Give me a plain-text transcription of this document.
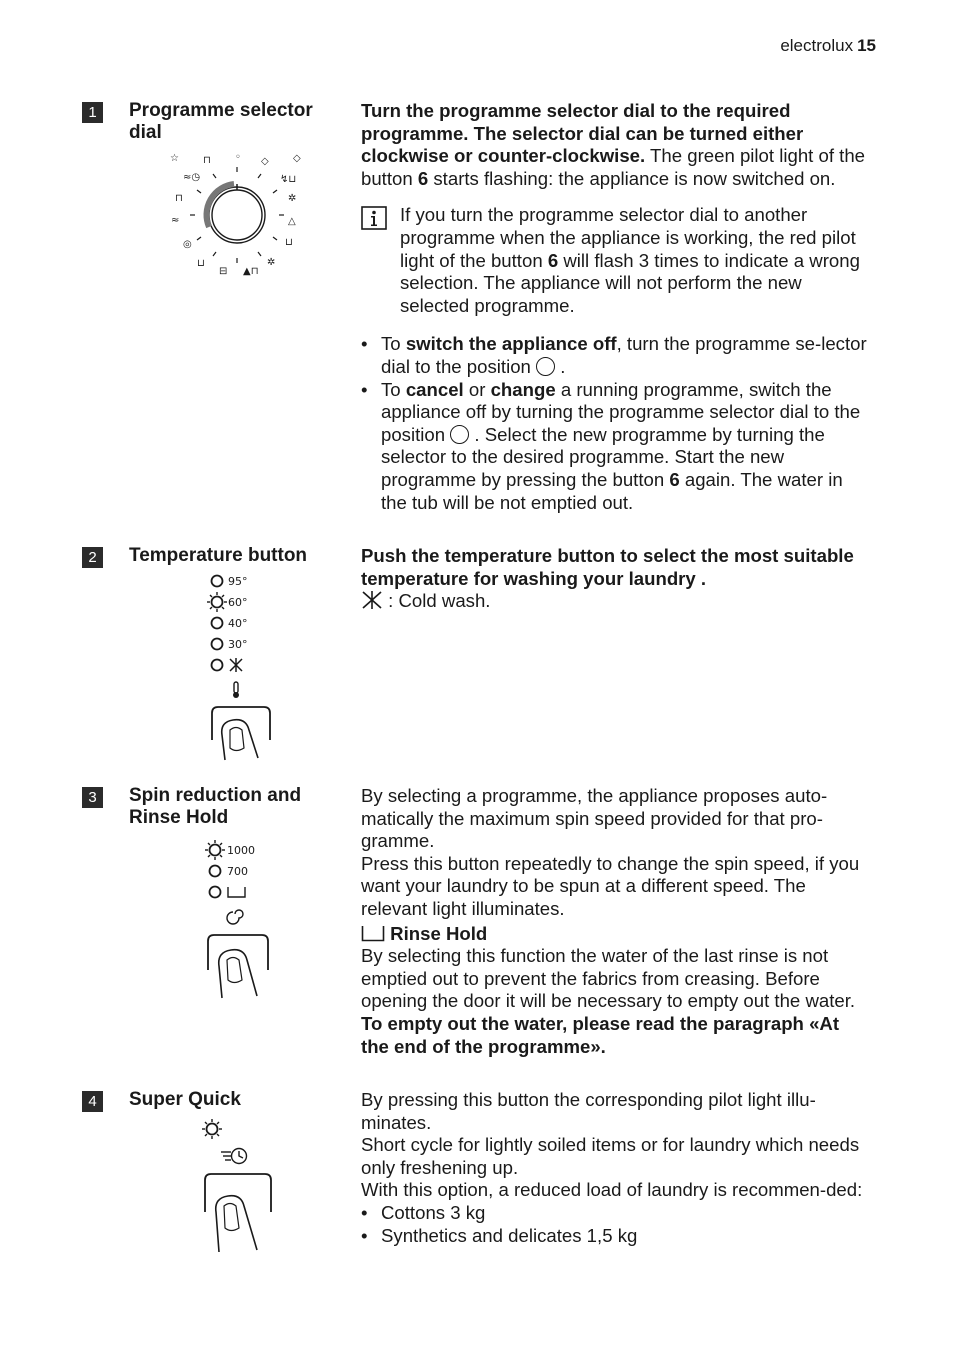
electrolux 15
1	Programme selector dial
☆ ⊓ ◦ ◇ ◇
↯⊔
✲
△
⊔
✲
▲⊓
⊟
⊔
◎
≈
⊓
≈◷

Turn the programme selector dial to the required programme. The selector dial can be turned either clockwise or counter-clockwise. The green pilot light of the button 6 starts flashing: the appliance is now switched on.

If you turn the programme selector dial to another programme when the appliance is working, the red pilot light of the button 6 will flash 3 times to indicate a wrong selection. The appliance will not perform the new selected programme.
• To switch the appliance off, turn the programme se-lector dial to the position  .
• To cancel or change a running programme, switch the appliance off by turning the programme selector dial to the position  . Select the new programme by turning the selector to the desired programme. Start the new programme by pressing the button 6 again. The water in the tub will be not emptied out.
2	Temperature button
95°
60°
40°
30°

Push the temperature button to select the most suitable temperature for washing your laundry .

: Cold wash.

3	Spin reduction and Rinse Hold
1000
700

By selecting a programme, the appliance proposes auto-matically the maximum spin speed provided for that pro-gramme.

Press this button repeatedly to change the spin speed, if you want your laundry to be spun at a different speed. The relevant light illuminates.

Rinse Hold

By selecting this function the water of the last rinse is not emptied out to prevent the fabrics from creasing. Before opening the door it will be necessary to empty out the water.

To empty out the water, please read the paragraph «At the end of the programme».

4	Super Quick	By pressing this button the corresponding pilot light illu-minates.

Short cycle for lightly soiled items or for laundry which needs only freshening up.

With this option, a reduced load of laundry is recommen-ded:

• Cottons 3 kg
• Synthetics and delicates 1,5 kg
